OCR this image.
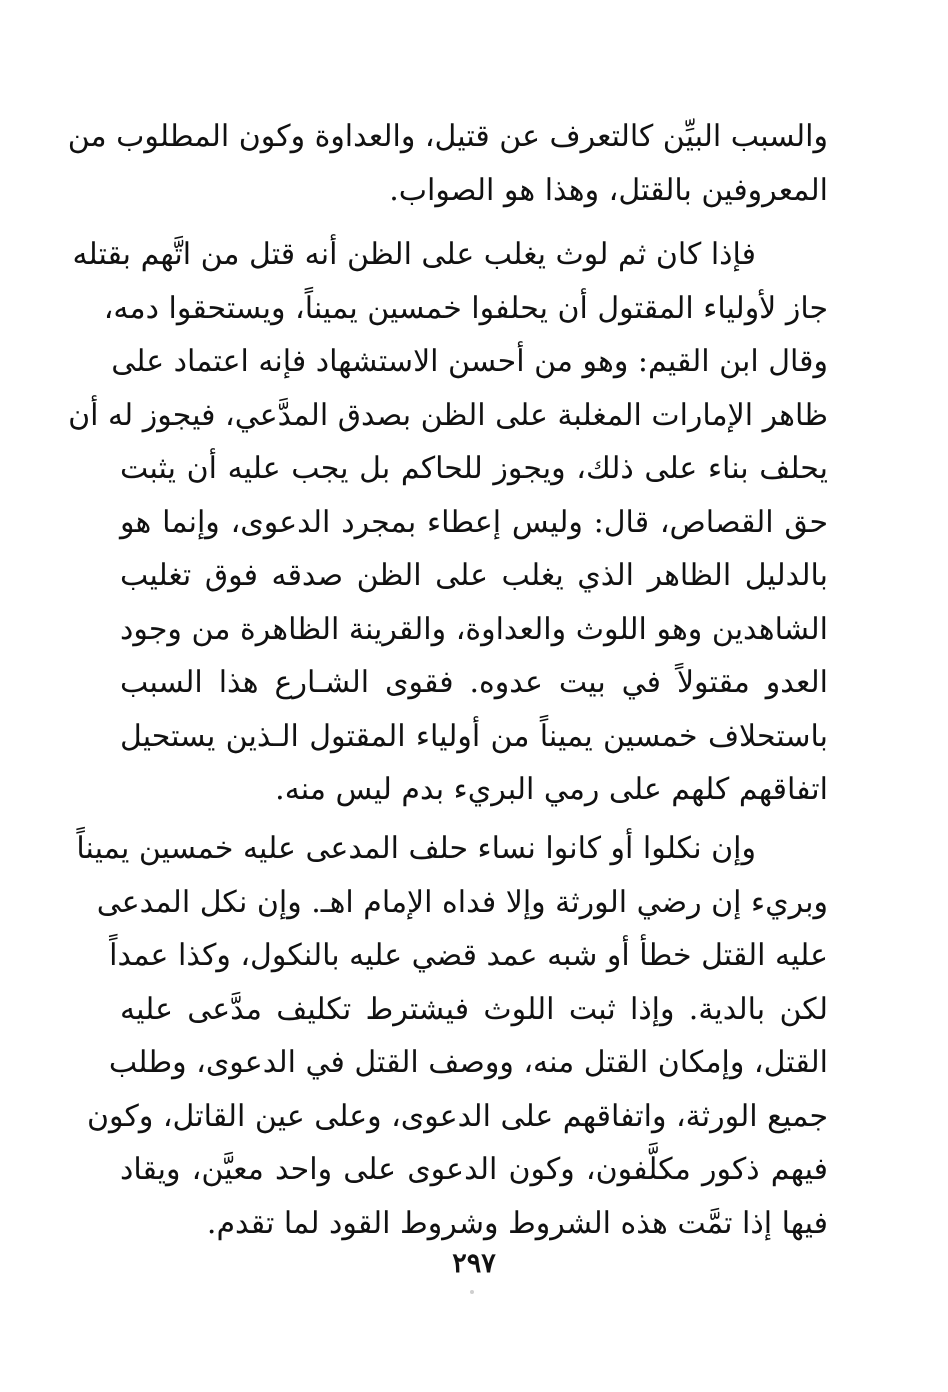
والسبب البيِّن كالتعرف عن قتيل، والعداوة وكون المطلوب من
المعروفين بالقتل، وهذا هو الصواب.
فإذا كان ثم لوث يغلب على الظن أنه قتل من اتَّهم بقتله
جاز لأولياء المقتول أن يحلفوا خمسين يميناً، ويستحقوا دمه،
وقال ابن القيم: وهو من أحسن الاستشهاد فإنه اعتماد على
ظاهر الإمارات المغلبة على الظن بصدق المدَّعي، فيجوز له أن
يحلف بناء على ذلك، ويجوز للحاكم بل يجب عليه أن يثبت
حق القصاص، قال: وليس إعطاء بمجرد الدعوى، وإنما هو
بالدليل الظاهر الذي يغلب على الظن صدقه فوق تغليب
الشاهدين وهو اللوث والعداوة، والقرينة الظاهرة من وجود
العدو مقتولاً في بيت عدوه. فقوى الشـارع هذا السبب
باستحلاف خمسين يميناً من أولياء المقتول الـذين يستحيل
اتفاقهم كلهم على رمي البريء بدم ليس منه.
وإن نكلوا أو كانوا نساء حلف المدعى عليه خمسين يميناً
وبريء إن رضي الورثة وإلا فداه الإمام اهـ. وإن نكل المدعى
عليه القتل خطأ أو شبه عمد قضي عليه بالنكول، وكذا عمداً
لكن بالدية. وإذا ثبت اللوث فيشترط تكليف مدَّعى عليه
القتل، وإمكان القتل منه، ووصف القتل في الدعوى، وطلب
جميع الورثة، واتفاقهم على الدعوى، وعلى عين القاتل، وكون
فيهم ذكور مكلَّفون، وكون الدعوى على واحد معيَّن، ويقاد
فيها إذا تمَّت هذه الشروط وشروط القود لما تقدم.
٢٩٧
